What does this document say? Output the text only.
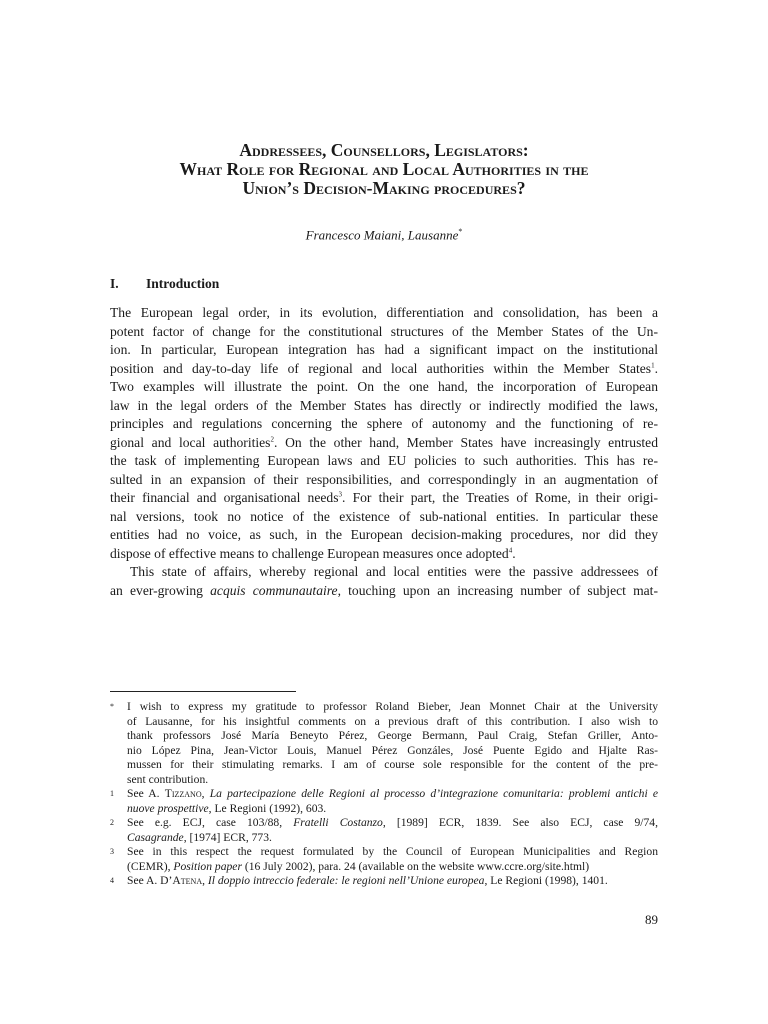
Addressees, Counsellors, Legislators:
What Role for Regional and Local Authorities in the
Union’s Decision-Making procedures?
Francesco Maiani, Lausanne*
I. Introduction
The European legal order, in its evolution, differentiation and consolidation, has been a
potent factor of change for the constitutional structures of the Member States of the Un-
ion. In particular, European integration has had a significant impact on the institutional
position and day-to-day life of regional and local authorities within the Member States$^1$.
Two examples will illustrate the point. On the one hand, the incorporation of European
law in the legal orders of the Member States has directly or indirectly modified the laws,
principles and regulations concerning the sphere of autonomy and the functioning of re-
gional and local authorities$^2$. On the other hand, Member States have increasingly entrusted
the task of implementing European laws and EU policies to such authorities. This has re-
sulted in an expansion of their responsibilities, and correspondingly in an augmentation of
their financial and organisational needs$^3$. For their part, the Treaties of Rome, in their origi-
nal versions, took no notice of the existence of sub-national entities. In particular these
entities had no voice, as such, in the European decision-making procedures, nor did they
dispose of effective means to challenge European measures once adopted$^4$.
This state of affairs, whereby regional and local entities were the passive addressees of
an ever-growing acquis communautaire, touching upon an increasing number of subject mat-
* I wish to express my gratitude to professor Roland Bieber, Jean Monnet Chair at the University
of Lausanne, for his insightful comments on a previous draft of this contribution. I also wish to
thank professors José María Beneyto Pérez, George Bermann, Paul Craig, Stefan Griller, Anto-
nio López Pina, Jean-Victor Louis, Manuel Pérez Gonzáles, José Puente Egido and Hjalte Ras-
mussen for their stimulating remarks. I am of course sole responsible for the content of the pre-
sent contribution.
1 See A. Tizzano, La partecipazione delle Regioni al processo d’integrazione comunitaria: problemi antichi e
nuove prospettive, Le Regioni (1992), 603.
2 See e.g. ECJ, case 103/88, Fratelli Costanzo, [1989] ECR, 1839. See also ECJ, case 9/74,
Casagrande, [1974] ECR, 773.
3 See in this respect the request formulated by the Council of European Municipalities and Region
(CEMR), Position paper (16 July 2002), para. 24 (available on the website www.ccre.org/site.html)
4 See A. D’Atena, Il doppio intreccio federale: le regioni nell’Unione europea, Le Regioni (1998), 1401.
89
